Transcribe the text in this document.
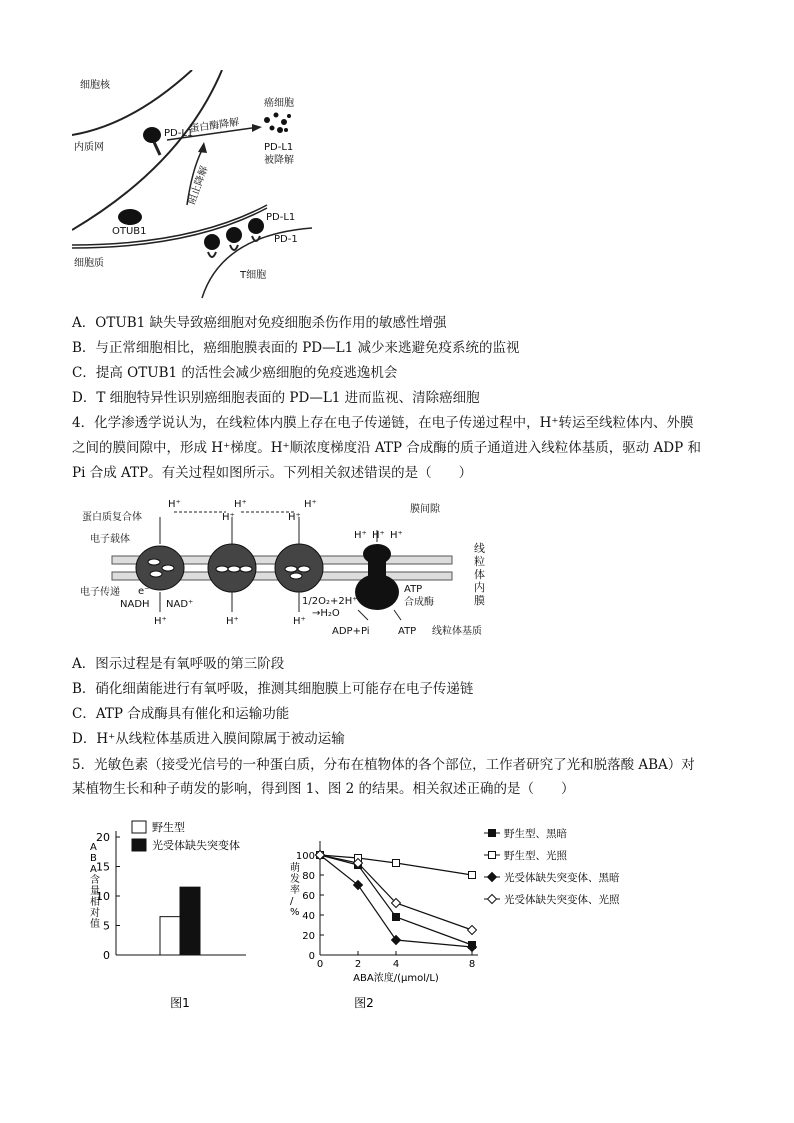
细胞核
内质网
PD-L1
蛋白酶降解
癌细胞
PD-L1
被降解
阻止降解
OTUB1
细胞质
PD-L1
PD-1
T细胞
A．OTUB1 缺失导致癌细胞对免疫细胞杀伤作用的敏感性增强
B．与正常细胞相比，癌细胞膜表面的 PD—L1 减少来逃避免疫系统的监视
C．提高 OTUB1 的活性会减少癌细胞的免疫逃逸机会
D．T 细胞特异性识别癌细胞表面的 PD—L1 进而监视、清除癌细胞
4．化学渗透学说认为，在线粒体内膜上存在电子传递链，在电子传递过程中，H⁺转运至线粒体内、外膜
之间的膜间隙中，形成 H⁺梯度。H⁺顺浓度梯度沿 ATP 合成酶的质子通道进入线粒体基质，驱动 ADP 和
Pi 合成 ATP。有关过程如图所示。下列相关叙述错误的是（　　）
蛋白质复合体
电子载体
电子传递 e⁻
NADH NAD⁺
H⁺	H⁺	H⁺
H⁺	H⁺
H⁺ H⁺ H⁺
H⁺	H⁺	H⁺
1/2O₂+2H⁺
→H₂O
膜间隙
线粒体内膜
ATP
合成酶
ADP+Pi	ATP 线粒体基质
A．图示过程是有氧呼吸的第三阶段
B．硝化细菌能进行有氧呼吸，推测其细胞膜上可能存在电子传递链
C．ATP 合成酶具有催化和运输功能
D．H⁺从线粒体基质进入膜间隙属于被动运输
5．光敏色素（接受光信号的一种蛋白质，分布在植物体的各个部位，工作者研究了光和脱落酸 ABA）对
某植物生长和种子萌发的影响，得到图 1、图 2 的结果。相关叙述正确的是（　　）
0
5
10
15
20
A B A 含量相对值
野生型
光受体缺失突变体
图1
0
20
40
60
80
100
0	2	4	8
ABA浓度/(μmol/L)
萌发率/ %
野生型、黑暗
野生型、光照
光受体缺失突变体、黑暗
光受体缺失突变体、光照
图2
